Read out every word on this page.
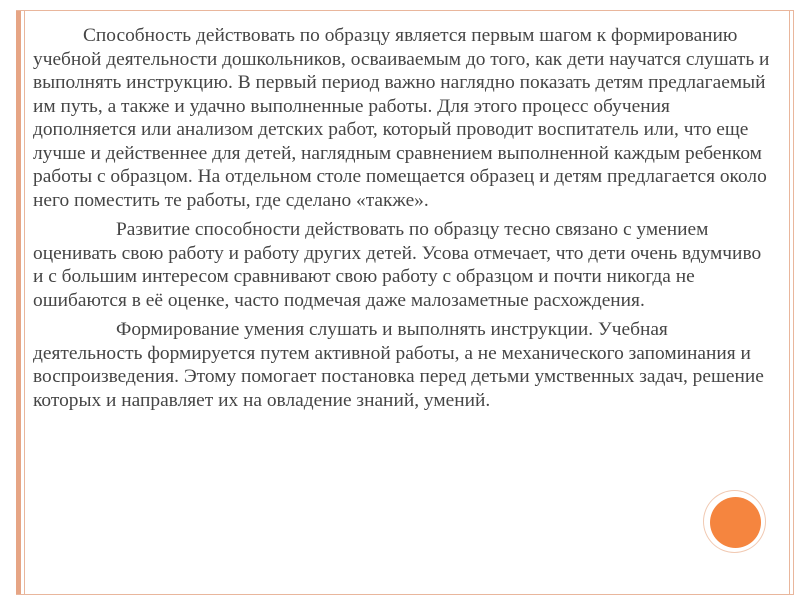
Способность действовать по образцу является первым шагом к формированию учебной деятельности дошкольников, осваиваемым до того, как дети научатся слушать и выполнять инструкцию. В первый период важно наглядно показать детям предлагаемый им путь, а также и удачно выполненные работы. Для этого процесс обучения дополняется или анализом детских работ, который проводит воспитатель или, что еще лучше и действеннее для детей, наглядным сравнением выполненной каждым ребенком работы с образцом. На отдельном столе помещается образец и детям предлагается около него поместить те работы, где сделано «также».

Развитие способности действовать по образцу тесно связано с умением оценивать свою работу и работу других детей. Усова отмечает, что дети очень вдумчиво и с большим интересом сравнивают свою работу с образцом и почти никогда не ошибаются в её оценке, часто подмечая даже малозаметные расхождения.

Формирование умения слушать и выполнять инструкции. Учебная деятельность формируется путем активной работы, а не механического запоминания и воспроизведения. Этому помогает постановка перед детьми умственных задач, решение которых и направляет их на овладение знаний, умений.
